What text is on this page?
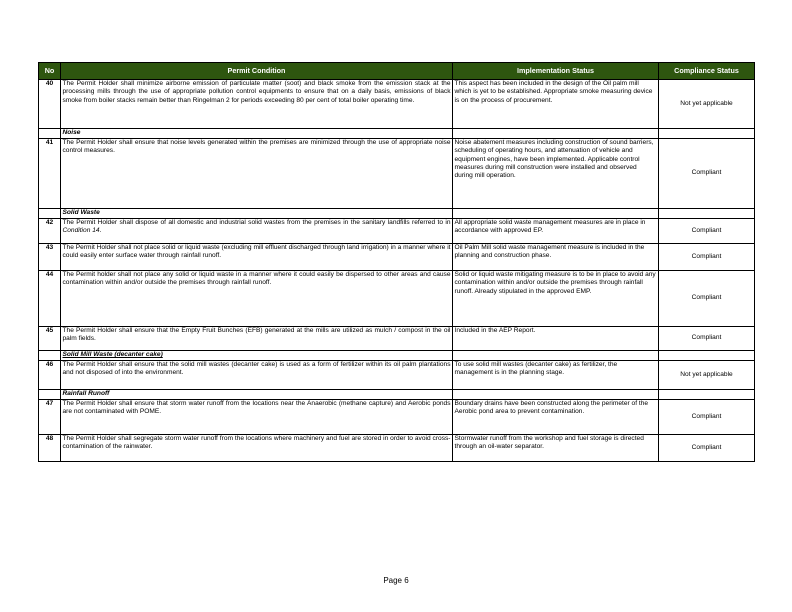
No	Permit Condition	Implementation Status	Compliance Status
40	The Permit Holder shall minimize airborne emission of particulate matter (soot) and black smoke from the emission stack at the processing mills through the use of appropriate pollution control equipments to ensure that on a daily basis, emissions of black smoke from boiler stacks remain better than Ringelman 2 for periods exceeding 80 per cent of total boiler operating time.	This aspect has been included in the design of the Oil palm mill which is yet to be established. Appropriate smoke measuring device is on the process of procurement.	Not yet applicable
	Noise		
41	The Permit Holder shall ensure that noise levels generated within the premises are minimized through the use of appropriate noise control measures.	Noise abatement measures including construction of sound barriers, scheduling of operating hours, and attenuation of vehicle and equipment engines, have been implemented. Applicable control measures during mill construction were installed and observed during mill operation.	Compliant
	Solid Waste		
42	The Permit Holder shall dispose of all domestic and industrial solid wastes from the premises in the sanitary landfills referred to in Condition 14.	All appropriate solid waste management measures are in place in accordance with approved EP.	Compliant
43	The Permit Holder shall not place solid or liquid waste (excluding mill effluent discharged through land irrigation) in a manner where it could easily enter surface water through rainfall runoff.	Oil Palm Mill solid waste management measure is included in the planning and construction phase.	Compliant
44	The Permit holder shall not place any solid or liquid waste in a manner where it could easily be dispersed to other areas and cause contamination within and/or outside the premises through rainfall runoff.	Solid or liquid waste mitigating measure is to be in place to avoid any contamination within and/or outside the premises through rainfall runoff. Already stipulated in the approved EMP.	Compliant
45	The Permit Holder shall ensure that the Empty Fruit Bunches (EFB) generated at the mills are utilized as mulch / compost in the oil palm fields.	Included in the AEP Report.	Compliant
	Solid Mill Waste (decanter cake)		
46	The Permit Holder shall ensure that the solid mill wastes (decanter cake) is used as a form of fertilizer within its oil palm plantations and not disposed of into the environment.	To use solid mill wastes (decanter cake) as fertilizer, the management is in the planning stage.	Not yet applicable
	Rainfall Runoff		
47	The Permit Holder shall ensure that storm water runoff from the locations near the Anaerobic (methane capture) and Aerobic ponds are not contaminated with POME.	Boundary drains have been constructed along the perimeter of the Aerobic pond area to prevent contamination.	Compliant
48	The Permit Holder shall segregate storm water runoff from the locations where machinery and fuel are stored in order to avoid cross-contamination of the rainwater.	Stormwater runoff from the workshop and fuel storage is directed through an oil-water separator.	Compliant
Page 6
